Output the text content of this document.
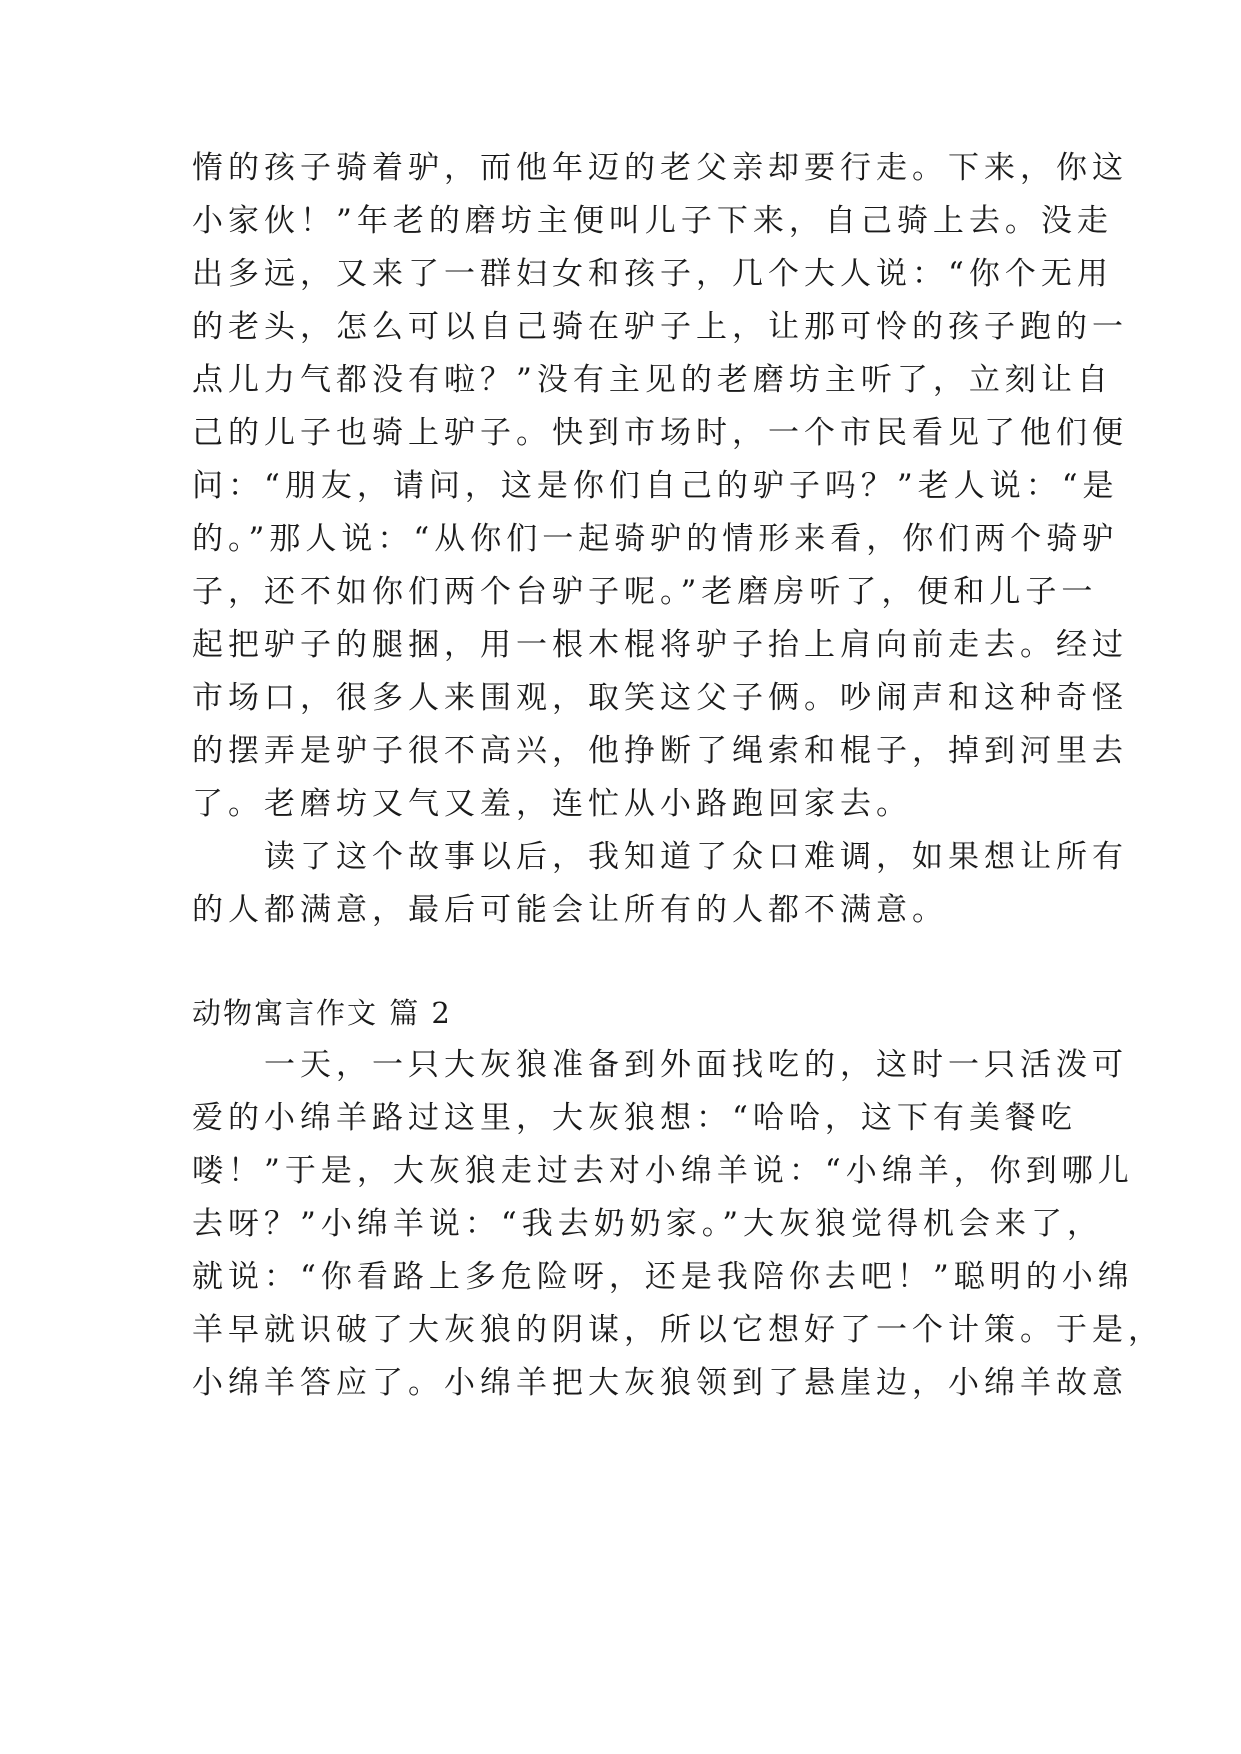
惰的孩子骑着驴，而他年迈的老父亲却要行走。下来，你这
小家伙！”年老的磨坊主便叫儿子下来，自己骑上去。没走
出多远，又来了一群妇女和孩子，几个大人说：“你个无用
的老头，怎么可以自己骑在驴子上，让那可怜的孩子跑的一
点儿力气都没有啦？”没有主见的老磨坊主听了，立刻让自
己的儿子也骑上驴子。快到市场时，一个市民看见了他们便
问：“朋友，请问，这是你们自己的驴子吗？”老人说：“是
的。”那人说：“从你们一起骑驴的情形来看，你们两个骑驴
子，还不如你们两个台驴子呢。”老磨房听了，便和儿子一
起把驴子的腿捆，用一根木棍将驴子抬上肩向前走去。经过
市场口，很多人来围观，取笑这父子俩。吵闹声和这种奇怪
的摆弄是驴子很不高兴，他挣断了绳索和棍子，掉到河里去
了。老磨坊又气又羞，连忙从小路跑回家去。
　　读了这个故事以后，我知道了众口难调，如果想让所有
的人都满意，最后可能会让所有的人都不满意。
动物寓言作文 篇 2
　　一天，一只大灰狼准备到外面找吃的，这时一只活泼可
爱的小绵羊路过这里，大灰狼想：“哈哈，这下有美餐吃
喽！”于是，大灰狼走过去对小绵羊说：“小绵羊，你到哪儿
去呀？”小绵羊说：“我去奶奶家。”大灰狼觉得机会来了，
就说：“你看路上多危险呀，还是我陪你去吧！”聪明的小绵
羊早就识破了大灰狼的阴谋，所以它想好了一个计策。于是，
小绵羊答应了。小绵羊把大灰狼领到了悬崖边，小绵羊故意
